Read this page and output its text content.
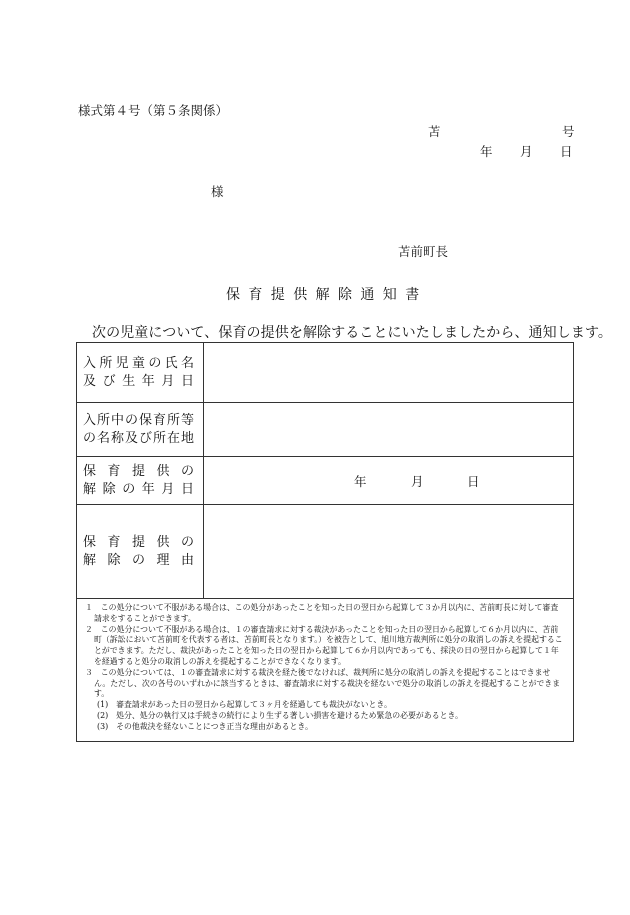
様式第４号（第５条関係）
苫	号
年 月 日
様
苫前町長
保育提供解除通知書
次の児童について、保育の提供を解除することにいたしましたから、通知します。
入所児童の氏名
及び生年月日	

入所中の保育所等
の名称及び所在地	

保育提供の
解除の年月日	年 月 日

保育提供の
解除の理由	

１　この処分について不服がある場合は、この処分があったことを知った日の翌日から起算して３か月以内に、苫前町長に対して審査請求をすることができます。
２　この処分について不服がある場合は、１の審査請求に対する裁決があったことを知った日の翌日から起算して６か月以内に、苫前町（訴訟において苫前町を代表する者は、苫前町長となります。）を被告として、旭川地方裁判所に処分の取消しの訴えを提起することができます。ただし、裁決があったことを知った日の翌日から起算して６か月以内であっても、採決の日の翌日から起算して１年を経過すると処分の取消しの訴えを提起することができなくなります。
３　この処分については、１の審査請求に対する裁決を経た後でなければ、裁判所に処分の取消しの訴えを提起することはできません。ただし、次の各号のいずれかに該当するときは、審査請求に対する裁決を経ないで処分の取消しの訴えを提起することができます。
(1)　審査請求があった日の翌日から起算して３ヶ月を経過しても裁決がないとき。
(2)　処分、処分の執行又は手続きの続行により生ずる著しい損害を避けるため緊急の必要があるとき。
(3)　その他裁決を経ないことにつき正当な理由があるとき。
